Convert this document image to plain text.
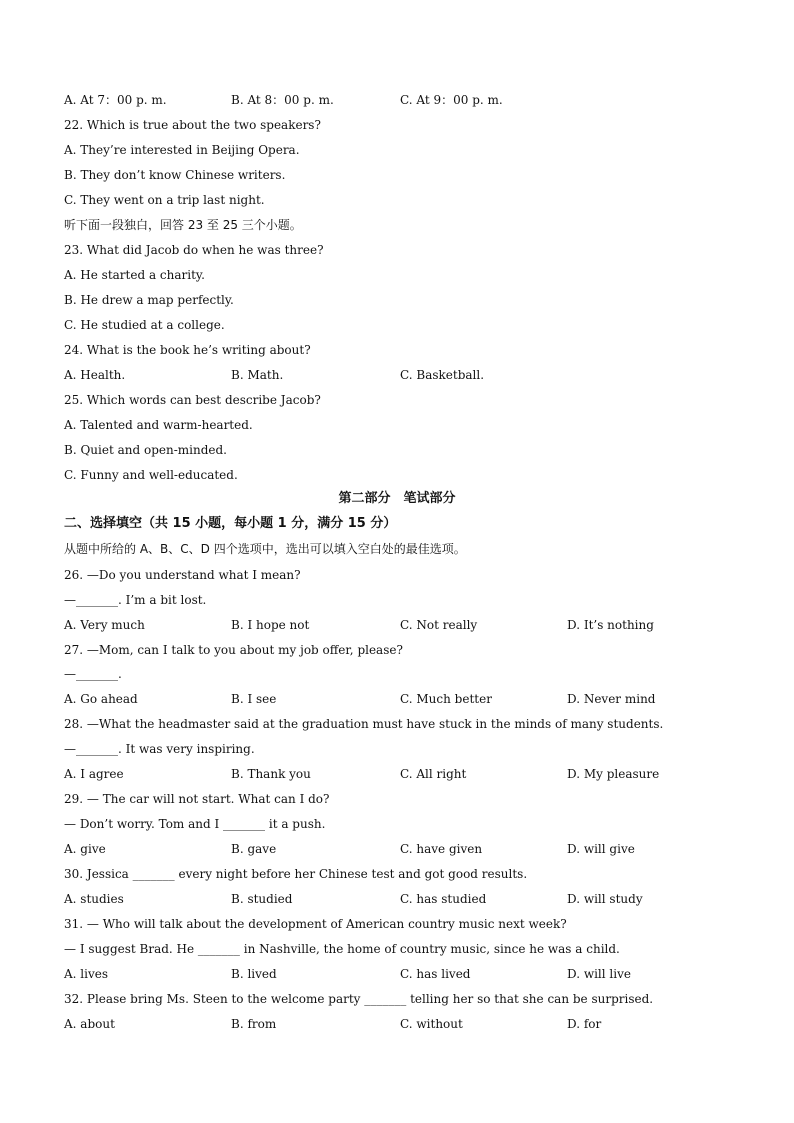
A. At 7：00 p. m.	B. At 8：00 p. m.	C. At 9：00 p. m.
22. Which is true about the two speakers?
A. They’re interested in Beijing Opera.
B. They don’t know Chinese writers.
C. They went on a trip last night.
听下面一段独白，回答 23 至 25 三个小题。
23. What did Jacob do when he was three?
A. He started a charity.
B. He drew a map perfectly.
C. He studied at a college.
24. What is the book he’s writing about?
A. Health.	B. Math.	C. Basketball.
25. Which words can best describe Jacob?
A. Talented and warm-hearted.
B. Quiet and open-minded.
C. Funny and well-educated.
第二部分　笔试部分
二、选择填空（共 15 小题，每小题 1 分，满分 15 分）
从题中所给的 A、B、C、D 四个选项中，选出可以填入空白处的最佳选项。
26. —Do you understand what I mean?
—_______. I’m a bit lost.
A. Very much	B. I hope not	C. Not really	D. It’s nothing
27. —Mom, can I talk to you about my job offer, please?
—_______.
A. Go ahead	B. I see	C. Much better	D. Never mind
28. —What the headmaster said at the graduation must have stuck in the minds of many students.
—_______. It was very inspiring.
A. I agree	B. Thank you	C. All right	D. My pleasure
29. — The car will not start. What can I do?
— Don’t worry. Tom and I _______ it a push.
A. give	B. gave	C. have given	D. will give
30. Jessica _______ every night before her Chinese test and got good results.
A. studies	B. studied	C. has studied	D. will study
31. — Who will talk about the development of American country music next week?
— I suggest Brad. He _______ in Nashville, the home of country music, since he was a child.
A. lives	B. lived	C. has lived	D. will live
32. Please bring Ms. Steen to the welcome party _______ telling her so that she can be surprised.
A. about	B. from	C. without	D. for
